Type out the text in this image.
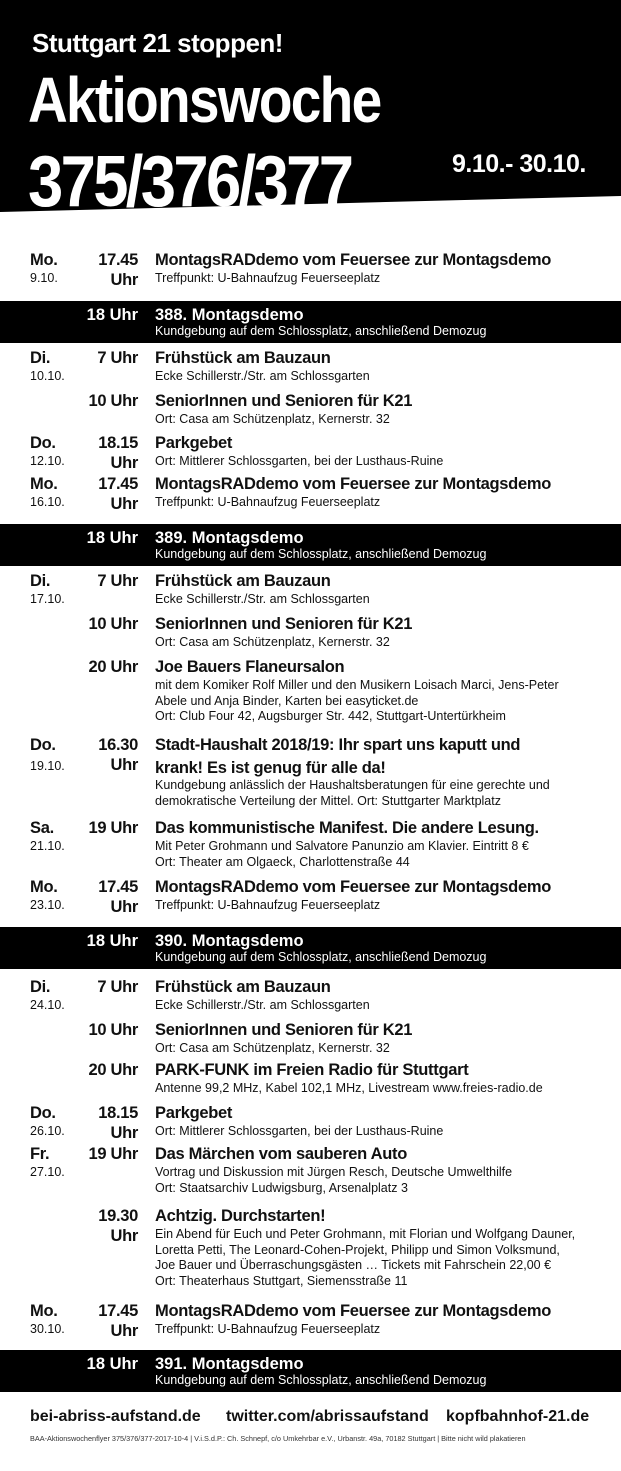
Stuttgart 21 stoppen!
Aktionswoche
375/376/377	9.10.- 30.10.
Mo.
9.10.
17.45 Uhr
MontagsRADdemo vom Feuersee zur Montagsdemo
Treffpunkt: U-Bahnaufzug Feuerseeplatz
18 Uhr 388. Montagsdemo
Kundgebung auf dem Schlossplatz, anschließend Demozug
Di.
10.10.
7 Uhr Frühstück am Bauzaun
Ecke Schillerstr./Str. am Schlossgarten
10 Uhr SeniorInnen und Senioren für K21
Ort: Casa am Schützenplatz, Kernerstr. 32
Do.
12.10.
18.15 Uhr
Parkgebet
Ort: Mittlerer Schlossgarten, bei der Lusthaus-Ruine
Mo.
16.10.
17.45 Uhr
MontagsRADdemo vom Feuersee zur Montagsdemo
Treffpunkt: U-Bahnaufzug Feuerseeplatz
18 Uhr 389. Montagsdemo
Kundgebung auf dem Schlossplatz, anschließend Demozug
Di.
17.10.
7 Uhr Frühstück am Bauzaun
Ecke Schillerstr./Str. am Schlossgarten
10 Uhr SeniorInnen und Senioren für K21
Ort: Casa am Schützenplatz, Kernerstr. 32
20 Uhr Joe Bauers Flaneursalon
mit dem Komiker Rolf Miller und den Musikern Loisach Marci, Jens-Peter
Abele und Anja Binder, Karten bei easyticket.de
Ort: Club Four 42, Augsburger Str. 442, Stuttgart-Untertürkheim
Do.
19.10.
16.30 Uhr
Stadt-Haushalt 2018/19: Ihr spart uns kaputt und
krank! Es ist genug für alle da!
Kundgebung anlässlich der Haushaltsberatungen für eine gerechte und
demokratische Verteilung der Mittel. Ort: Stuttgarter Marktplatz
Sa.
21.10.
19 Uhr Das kommunistische Manifest. Die andere Lesung.
Mit Peter Grohmann und Salvatore Panunzio am Klavier. Eintritt 8 €
Ort: Theater am Olgaeck, Charlottenstraße 44
Mo.
23.10.
17.45 Uhr
MontagsRADdemo vom Feuersee zur Montagsdemo
Treffpunkt: U-Bahnaufzug Feuerseeplatz
18 Uhr 390. Montagsdemo
Kundgebung auf dem Schlossplatz, anschließend Demozug
Di.
24.10.
7 Uhr Frühstück am Bauzaun
Ecke Schillerstr./Str. am Schlossgarten
10 Uhr SeniorInnen und Senioren für K21
Ort: Casa am Schützenplatz, Kernerstr. 32
20 Uhr PARK-FUNK im Freien Radio für Stuttgart
Antenne 99,2 MHz, Kabel 102,1 MHz, Livestream www.freies-radio.de
Do.
26.10.
18.15 Uhr
Parkgebet
Ort: Mittlerer Schlossgarten, bei der Lusthaus-Ruine
Fr.
27.10.
19 Uhr Das Märchen vom sauberen Auto
Vortrag und Diskussion mit Jürgen Resch, Deutsche Umwelthilfe
Ort: Staatsarchiv Ludwigsburg, Arsenalplatz 3
19.30 Uhr
Achtzig. Durchstarten!
Ein Abend für Euch und Peter Grohmann, mit Florian und Wolfgang Dauner,
Loretta Petti, The Leonard-Cohen-Projekt, Philipp und Simon Volksmund,
Joe Bauer und Überraschungsgästen … Tickets mit Fahrschein 22,00 €
Ort: Theaterhaus Stuttgart, Siemensstraße 11
Mo.
30.10.
17.45 Uhr
MontagsRADdemo vom Feuersee zur Montagsdemo
Treffpunkt: U-Bahnaufzug Feuerseeplatz
18 Uhr 391. Montagsdemo
Kundgebung auf dem Schlossplatz, anschließend Demozug
bei-abriss-aufstand.de twitter.com/abrissaufstand kopfbahnhof-21.de
BAA-Aktionswochenflyer 375/376/377-2017-10-4 | V.i.S.d.P.: Ch. Schnepf, c/o Umkehrbar e.V., Urbanstr. 49a, 70182 Stuttgart | Bitte nicht wild plakatieren
